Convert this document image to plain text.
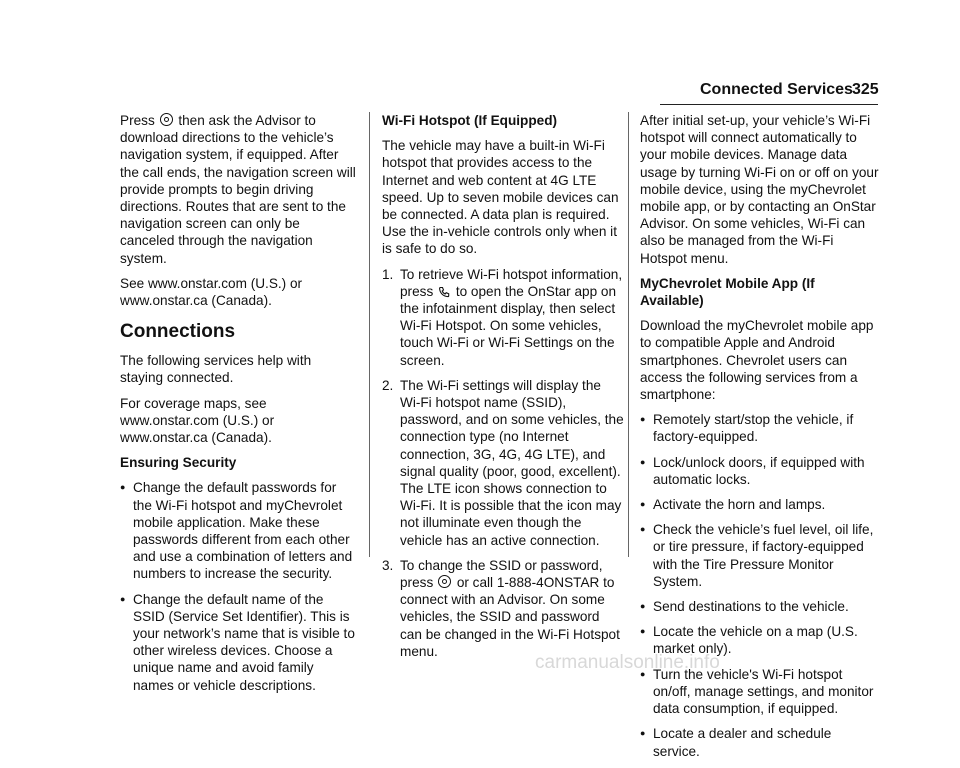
Connected Services 325

Press then ask the Advisor to download directions to the vehicle’s navigation system, if equipped. After the call ends, the navigation screen will provide prompts to begin driving directions. Routes that are sent to the navigation screen can only be canceled through the navigation system.

See www.onstar.com (U.S.) or www.onstar.ca (Canada).

Connections

The following services help with staying connected.

For coverage maps, see www.onstar.com (U.S.) or www.onstar.ca (Canada).

Ensuring Security
● Change the default passwords for the Wi-Fi hotspot and myChevrolet mobile application. Make these passwords different from each other and use a combination of letters and numbers to increase the security.
● Change the default name of the SSID (Service Set Identifier). This is your network’s name that is visible to other wireless devices. Choose a unique name and avoid family names or vehicle descriptions.
Wi-Fi Hotspot (If Equipped)

The vehicle may have a built-in Wi-Fi hotspot that provides access to the Internet and web content at 4G LTE speed. Up to seven mobile devices can be connected. A data plan is required. Use the in-vehicle controls only when it is safe to do so.

1. To retrieve Wi-Fi hotspot information, press to open the OnStar app on the infotainment display, then select Wi-Fi Hotspot. On some vehicles, touch Wi-Fi or Wi-Fi Settings on the screen.
2. The Wi-Fi settings will display the Wi-Fi hotspot name (SSID), password, and on some vehicles, the connection type (no Internet connection, 3G, 4G, 4G LTE), and signal quality (poor, good, excellent). The LTE icon shows connection to Wi-Fi. It is possible that the icon may not illuminate even though the vehicle has an active connection.
3. To change the SSID or password, press or call 1-888-4ONSTAR to connect with an Advisor. On some vehicles, the SSID and password can be changed in the Wi-Fi Hotspot menu.

After initial set-up, your vehicle’s Wi-Fi hotspot will connect automatically to your mobile devices. Manage data usage by turning Wi-Fi on or off on your mobile device, using the myChevrolet mobile app, or by contacting an OnStar Advisor. On some vehicles, Wi-Fi can also be managed from the Wi-Fi Hotspot menu.

MyChevrolet Mobile App (If Available)

Download the myChevrolet mobile app to compatible Apple and Android smartphones. Chevrolet users can access the following services from a smartphone:

● Remotely start/stop the vehicle, if factory-equipped.
● Lock/unlock doors, if equipped with automatic locks.
● Activate the horn and lamps.
● Check the vehicle’s fuel level, oil life, or tire pressure, if factory-equipped with the Tire Pressure Monitor System.
● Send destinations to the vehicle.
● Locate the vehicle on a map (U.S. market only).
● Turn the vehicle's Wi-Fi hotspot on/off, manage settings, and monitor data consumption, if equipped.
● Locate a dealer and schedule service.
carmanualsonline.info
